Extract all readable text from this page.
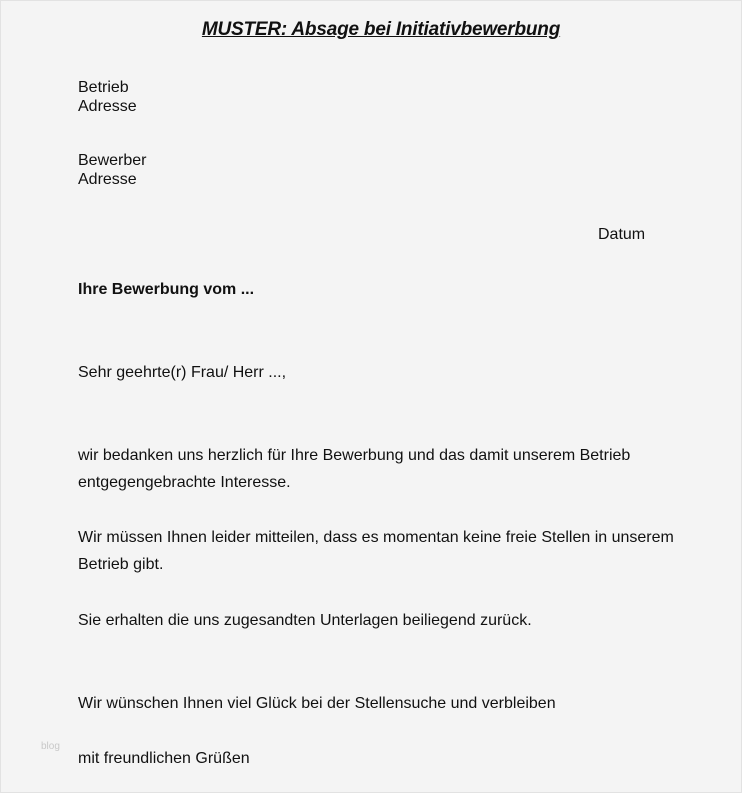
MUSTER: Absage bei Initiativbewerbung
Betrieb
Adresse
Bewerber
Adresse
Datum
Ihre Bewerbung vom ...
Sehr geehrte(r) Frau/ Herr ...,
wir bedanken uns herzlich für Ihre Bewerbung und das damit unserem Betrieb
entgegengebrachte Interesse.
Wir müssen Ihnen leider mitteilen, dass es momentan keine freie Stellen in unserem
Betrieb gibt.
Sie erhalten die uns zugesandten Unterlagen beiliegend zurück.
Wir wünschen Ihnen viel Glück bei der Stellensuche und verbleiben
mit freundlichen Grüßen
blog
